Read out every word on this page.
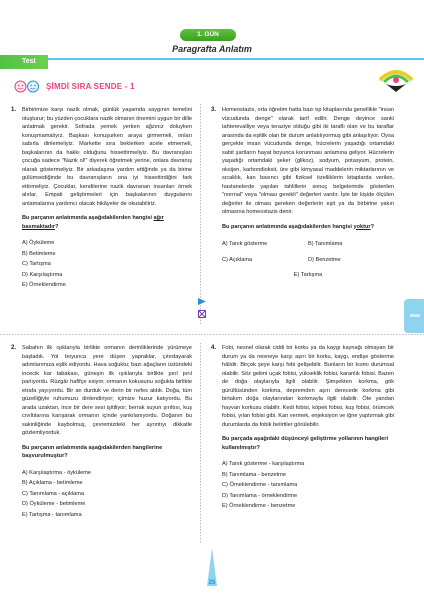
1. GÜN
Paragrafta Anlatım
Test
ŞİMDİ SIRA SENDE - 1
1. Birbirimize karşı nazik olmak, günlük yaşamda saygının temelini oluşturur; bu yüzden çocuklara nazik olmanın önemini uygun bir dille anlatmak gerekir. Sofrada yemek yerken ağzınız doluyken konuşmamalıyız. Başkası konuşurken araya girmemeli, onları sabırla dinlemeliyiz. Markette sıra beklerken acele etmemeli, başkalarının da hakkı olduğunu hissettirmeliyiz. Bu davranışları çocuğa sadece "Nazik ol!" diyerek öğretmek yerine, onlara davranış olarak göstermeliyiz. Bir arkadaşına yardım ettiğinde ya da birine gülümsediğinde bu davranışların ona iyi hissettirdiğini fark ettirmeliyiz. Çocuklar, kendilerine nazik davranan insanları örnek alırlar. Empati geliştirmeleri için başkalarının duygularını anlamalarına yardımcı olacak hikâyeler de okutabiliriz.
Bu parçanın anlatımında aşağıdakilerden hangisi ağır basmaktadır?
A) Öyküleme
B) Betimleme
C) Tartışma
D) Karşılaştırma
E) Örneklendirme
3. Homeostazis, orta öğretim hatta bazı tıp kitaplarında genellikle "insan vücudunda denge" olarak tarif edilir. Denge deyince sanki tahterevalliye veya teraziye olduğu gibi iki taraflı olan ve bu taraflar arasında da eşitlik olan bir durum anlatılıyormuş gibi anlaşılıyor. Oysa gerçekte insan vücudunda denge, hücrelerin yaşadığı ortamdaki sabit şartların hayat boyunca korunması anlamına geliyor. Hücrelerin yaşadığı ortamdaki şeker (glikoz), sodyum, potasyum, protein, oksijen, karbondioksit, üre gibi kimyasal maddelerin miktarlarının ve sıcaklık, kan basıncı gibi fiziksel özelliklerin kitaplarda verilen, hastanelerde yapılan tahlillerin sonuç belgelerinde gösterilen "normal" veya "olması gerekli" değerleri vardır. İşte bir kişide ölçülen değerler ile olması gereken değerlerin eşit ya da birbirine yakın olmasına homeostazis denir.
Bu parçanın anlatımında aşağıdakilerden hangisi yoktur?
A) Tanık gösterme	B) Tanımlama
C) Açıklama	D) Benzetme
E) Tartışma
2. Sabahın ilk ışıklarıyla birlikte ormanın derinliklerinde yürümeye başladık. Yol boyunca yere düşen yapraklar, çıtırdayarak adımlarımıza eşlik ediyordu. Hava soğuktu; bazı ağaçların üstündeki incecik kar tabakası, güneşin ilk ışıklarıyla birlikte pırıl pırıl parlıyordu. Rüzgâr hafifçe esiyor, ormanın kokusunu soğukla birlikte etrafa yayıyordu. Bir an durduk ve derin bir nefes aldık. Doğa, tüm güzelliğiyle ruhumuzu dinlendiriyor; içimize huzur katıyordu. Bu arada uzaktan, ince bir dere sesi işitiliyor; berrak suyun şırıltısı, kuş cıvıltılarına karışarak ormanın içinde yankılanıyordu. Doğanın bu sakinliğinde kaybolmuş, çevremizdeki her ayrıntıyı dikkatle gözlemliyorduk.
Bu parçanın anlatımında aşağıdakilerden hangilerine başvurulmuştur?
A) Karşılaştırma - öyküleme
B) Açıklama - betimleme
C) Tanımlama - açıklama
D) Öyküleme - betimleme
E) Tartışma - tanımlama
4. Fobi, nesnel olarak ciddi bir korku ya da kaygı kaynağı olmayan bir durum ya da nesneye karşı aşırı bir korku, kaygı, endişe gösterme hâlidir. Birçok şeye karşı fobi gelişebilir. Bunların bir kısmı durumsal olabilir. Söz gelimi uçak fobisi, yükseklik fobisi, karanlık fobisi. Bazen de doğa olaylarıyla ilgili olabilir. Şimşekten korkma, gök gürültüsünden korkma, depremden aşırı derecede korkma gibi birtakım doğa olaylarından korkmayla ilgili olabilir. Öte yandan hayvan korkusu olabilir. Kedi fobisi, köpek fobisi, kuş fobisi, örümcek fobisi, yılan fobisi gibi. Kan vermek, enjeksiyon ve iğne yaptırmak gibi durumlarda da fobik belirtiler görülebilir.
Bu parçada aşağıdaki düşünceyi geliştirme yollarının hangileri kullanılmıştır?
A) Tanık gösterme - karşılaştırma
B) Tanımlama - benzetme
C) Örneklendirme - tanımlama
D) Tanımlama - örneklendirme
E) Örneklendirme - benzetme
25
